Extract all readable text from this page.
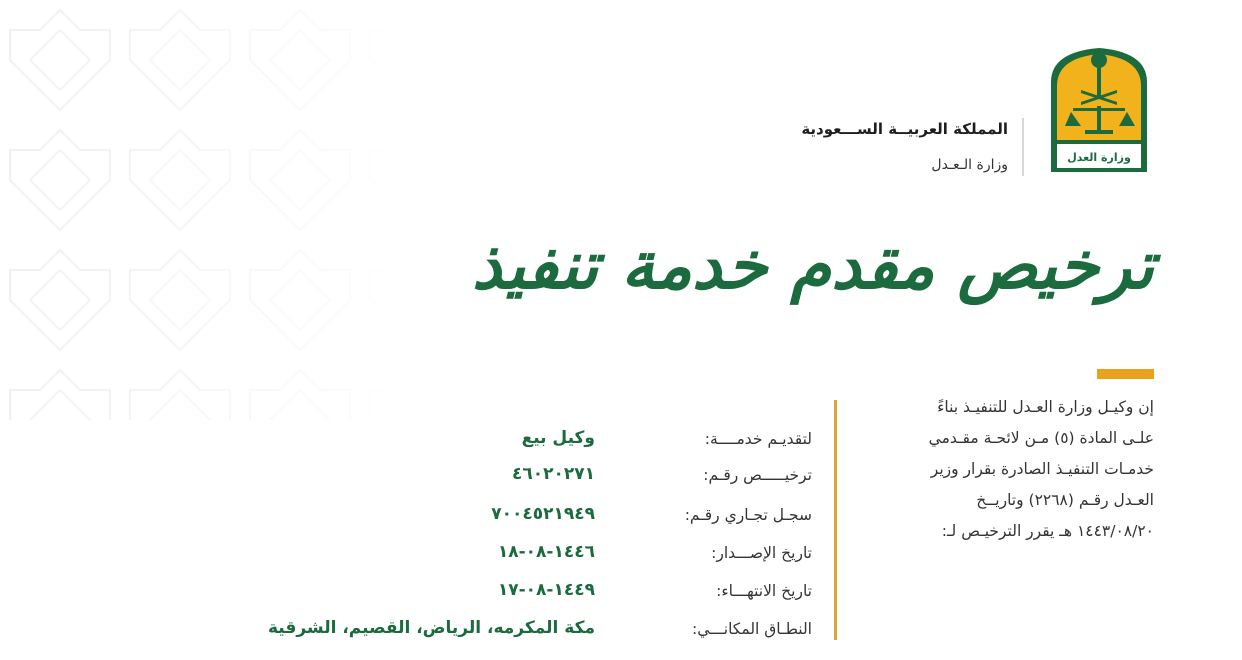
وزارة العدل
المملكة العربيــة الســـعودية
وزارة الـعـدل
ترخيص مقدم خدمة تنفيذ
إن وكيـل وزارة العـدل للتنفيـذ بناءً
علـى المادة (٥) مـن لائحـة مقـدمي
خدمـات التنفيـذ الصادرة بقرار وزير
العـدل رقـم (٢٢٦٨) وتاريــخ
١٤٤٣/٠٨/٢٠ هـ يقرر الترخيـص لـ:
لتقديـم خدمــــة:
وكيل بيع
ترخيـــــص رقـم:
٤٦٠٢٠٢٧١
سجـل تجـاري رقـم:
٧٠٠٤٥٢١٩٤٩
تاريخ الإصـــدار:
١٤٤٦-٠٨-١٨
تاريخ الانتهـــاء:
١٤٤٩-٠٨-١٧
النطـاق المكانـــي:
مكة المكرمه، الرياض، القصيم، الشرقية
